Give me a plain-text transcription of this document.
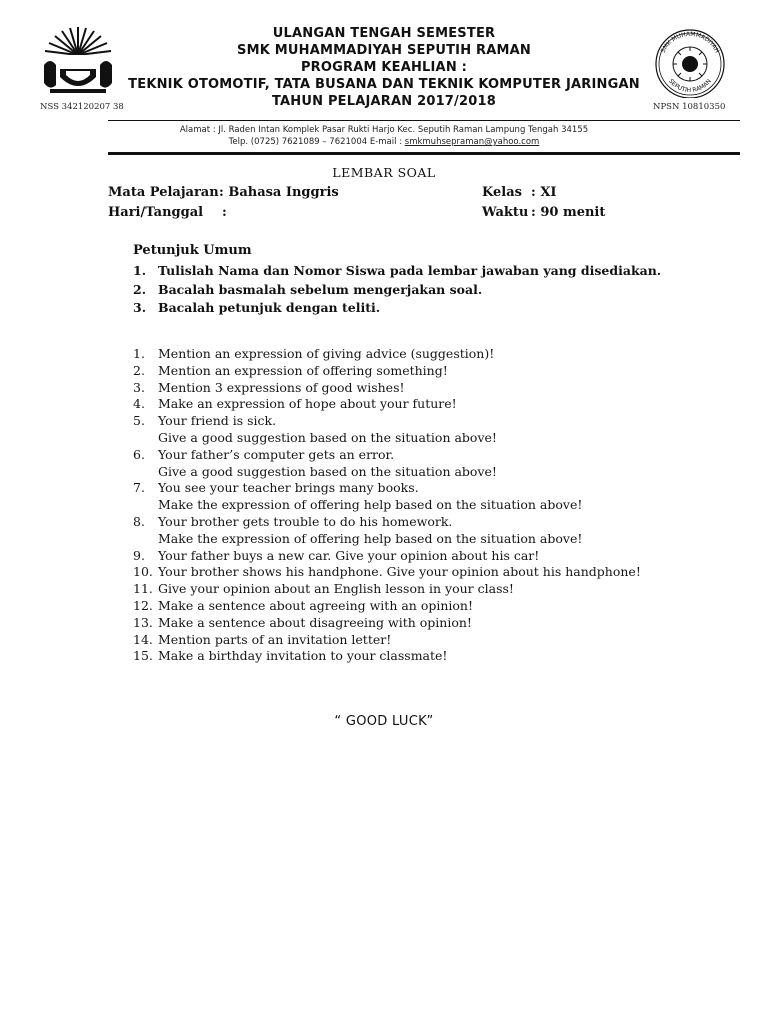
SMK MUHAMMADIYAH
SEPUTIH RAMAN
ULANGAN TENGAH SEMESTER
SMK MUHAMMADIYAH SEPUTIH RAMAN
PROGRAM KEAHLIAN :
TEKNIK OTOMOTIF, TATA BUSANA DAN TEKNIK KOMPUTER JARINGAN
TAHUN PELAJARAN 2017/2018
NSS 342120207 38	NPSN 10810350
Alamat : Jl. Raden Intan Komplek Pasar Rukti Harjo Kec. Seputih Raman Lampung Tengah 34155
Telp. (0725) 7621089 – 7621004 E-mail : smkmuhsepraman@yahoo.com
LEMBAR SOAL
Mata Pelajaran : Bahasa Inggris	Kelas : XI
Hari/Tanggal :	Waktu : 90 menit
Petunjuk Umum
1. Tulislah Nama dan Nomor Siswa pada lembar jawaban yang disediakan.
2. Bacalah basmalah sebelum mengerjakan soal.
3. Bacalah petunjuk dengan teliti.
1. Mention an expression of giving advice (suggestion)!
2. Mention an expression of offering something!
3. Mention 3 expressions of good wishes!
4. Make an expression of hope about your future!
5. Your friend is sick.
Give a good suggestion based on the situation above!
6. Your father’s computer gets an error.
Give a good suggestion based on the situation above!
7. You see your teacher brings many books.
Make the expression of offering help based on the situation above!
8. Your brother gets trouble to do his homework.
Make the expression of offering help based on the situation above!
9. Your father buys a new car. Give your opinion about his car!
10. Your brother shows his handphone. Give your opinion about his handphone!
11. Give your opinion about an English lesson in your class!
12. Make a sentence about agreeing with an opinion!
13. Make a sentence about disagreeing with opinion!
14. Mention parts of an invitation letter!
15. Make a birthday invitation to your classmate!
“ GOOD LUCK”
